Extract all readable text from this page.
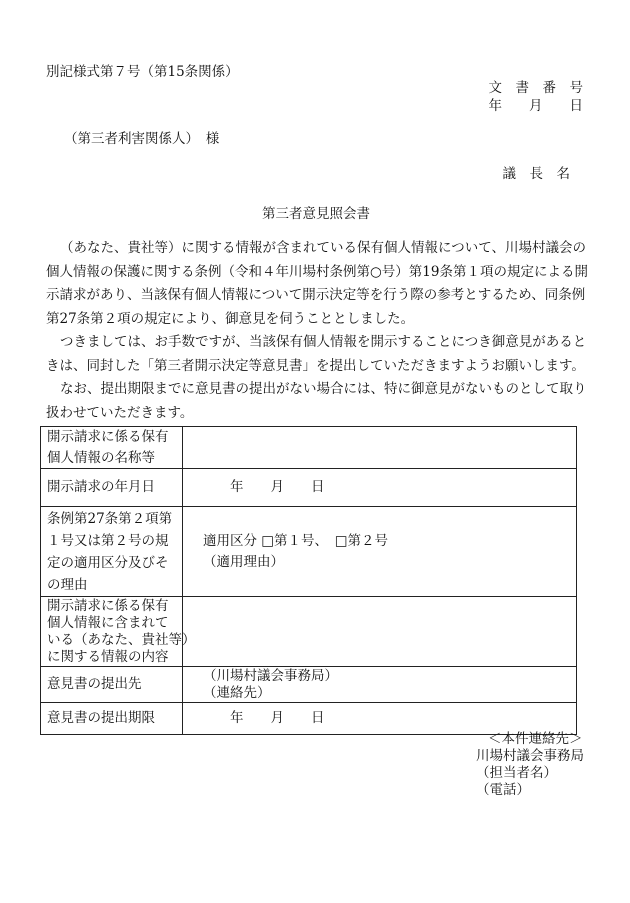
別記様式第７号（第15条関係）
文　書　番　号
年　　月　　日
（第三者利害関係人）　様
議　長　名
第三者意見照会書
（あなた、貴社等）に関する情報が含まれている保有個人情報について、川場村議会の
個人情報の保護に関する条例（令和４年川場村条例第○号）第19条第１項の規定による開
示請求があり、当該保有個人情報について開示決定等を行う際の参考とするため、同条例
第27条第２項の規定により、御意見を伺うこととしました。
つきましては、お手数ですが、当該保有個人情報を開示することにつき御意見があると
きは、同封した「第三者開示決定等意見書」を提出していただきますようお願いします。
なお、提出期限までに意見書の提出がない場合には、特に御意見がないものとして取り
扱わせていただきます。
開示請求に係る保有
個人情報の名称等	

開示請求の年月日	年　　月　　日

条例第27条第２項第
１号又は第２号の規
定の適用区分及びそ
の理由	適用区分 □第１号、　□第２号
（適用理由）

開示請求に係る保有
個人情報に含まれて
いる（あなた、貴社等）
に関する情報の内容	

意見書の提出先	（川場村議会事務局）
（連絡先）

意見書の提出期限	年　　月　　日
＜本件連絡先＞
川場村議会事務局
（担当者名）
（電話）
